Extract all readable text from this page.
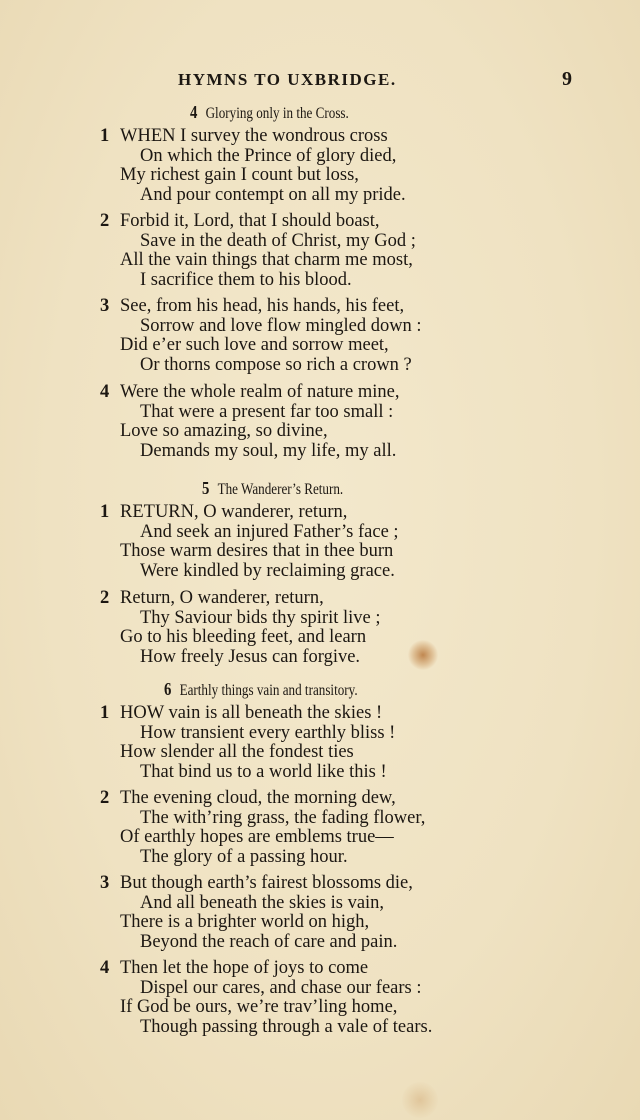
HYMNS TO UXBRIDGE.	9
4 Glorying only in the Cross.
1 WHEN I survey the wondrous cross
On which the Prince of glory died,
My richest gain I count but loss,
And pour contempt on all my pride.
2 Forbid it, Lord, that I should boast,
Save in the death of Christ, my God ;
All the vain things that charm me most,
I sacrifice them to his blood.
3 See, from his head, his hands, his feet,
Sorrow and love flow mingled down :
Did e’er such love and sorrow meet,
Or thorns compose so rich a crown ?
4 Were the whole realm of nature mine,
That were a present far too small :
Love so amazing, so divine,
Demands my soul, my life, my all.
5 The Wanderer’s Return.
1 RETURN, O wanderer, return,
And seek an injured Father’s face ;
Those warm desires that in thee burn
Were kindled by reclaiming grace.
2 Return, O wanderer, return,
Thy Saviour bids thy spirit live ;
Go to his bleeding feet, and learn
How freely Jesus can forgive.
6 Earthly things vain and transitory.
1 HOW vain is all beneath the skies !
How transient every earthly bliss !
How slender all the fondest ties
That bind us to a world like this !
2 The evening cloud, the morning dew,
The with’ring grass, the fading flower,
Of earthly hopes are emblems true—
The glory of a passing hour.
3 But though earth’s fairest blossoms die,
And all beneath the skies is vain,
There is a brighter world on high,
Beyond the reach of care and pain.
4 Then let the hope of joys to come
Dispel our cares, and chase our fears :
If God be ours, we’re trav’ling home,
Though passing through a vale of tears.
